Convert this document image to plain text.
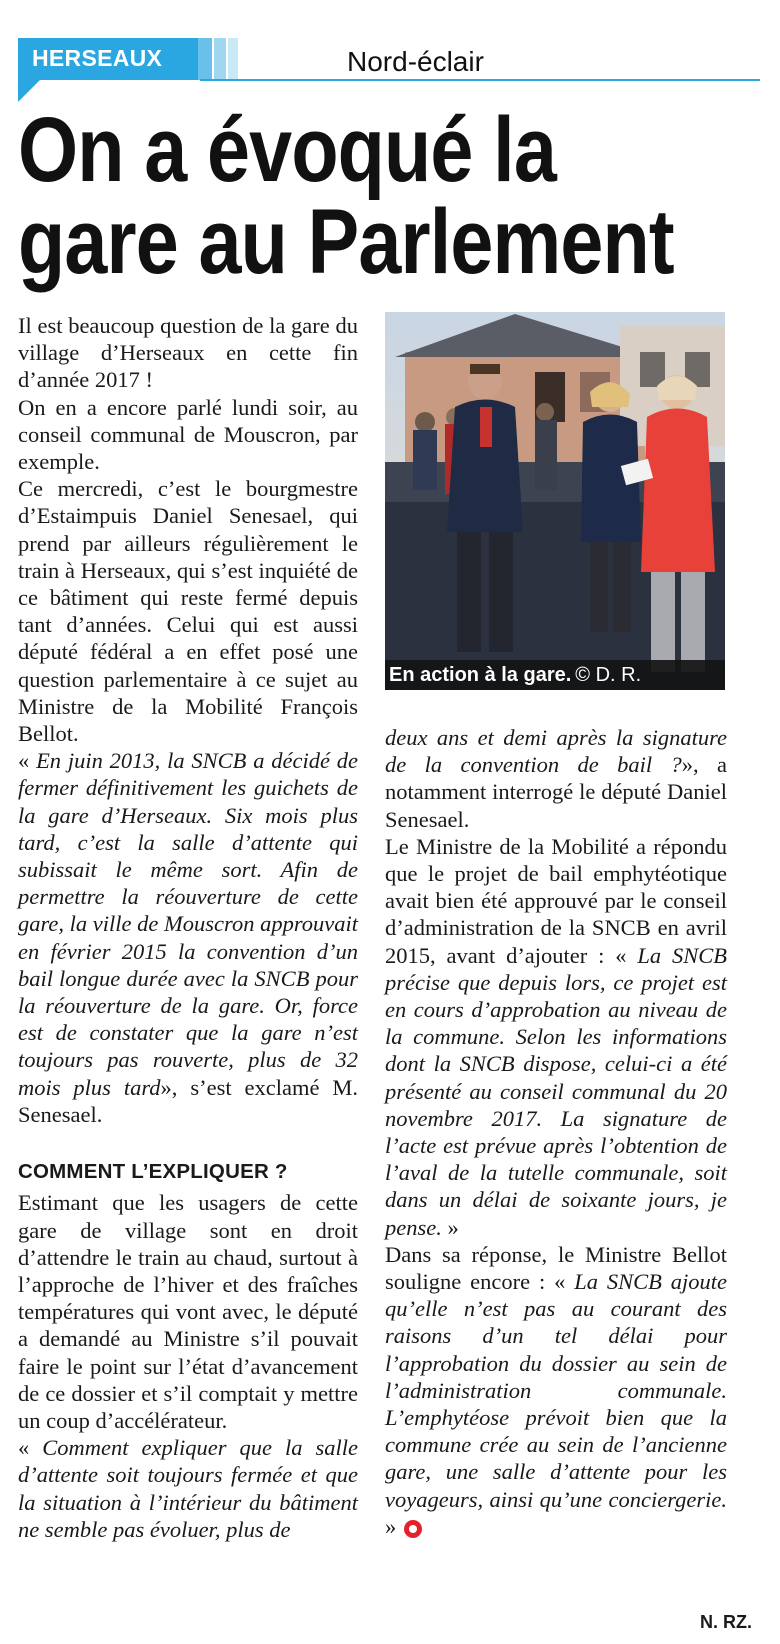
HERSEAUX	Nord-éclair
On a évoqué la
gare au Parlement

Il est beaucoup question de la gare du village d’Herseaux en cette fin d’année 2017 !

On en a encore parlé lundi soir, au conseil communal de Mouscron, par exemple.

Ce mercredi, c’est le bourgmestre d’Estaimpuis Daniel Senesael, qui prend par ailleurs régulièrement le train à Herseaux, qui s’est inquiété de ce bâtiment qui reste fermé depuis tant d’années. Celui qui est aussi député fédéral a en effet posé une question parlementaire à ce sujet au Ministre de la Mobilité François Bellot.

« En juin 2013, la SNCB a décidé de fermer définitivement les guichets de la gare d’Herseaux. Six mois plus tard, c’est la salle d’attente qui subissait le même sort. Afin de permettre la réouverture de cette gare, la ville de Mouscron approuvait en février 2015 la convention d’un bail longue durée avec la SNCB pour la réouverture de la gare. Or, force est de constater que la gare n’est toujours pas rouverte, plus de 32 mois plus tard», s’est exclamé M. Senesael.

COMMENT L’EXPLIQUER ?

Estimant que les usagers de cette gare de village sont en droit d’attendre le train au chaud, surtout à l’approche de l’hiver et des fraîches températures qui vont avec, le député a demandé au Ministre s’il pouvait faire le point sur l’état d’avancement de ce dossier et s’il comptait y mettre un coup d’accélérateur.

« Comment expliquer que la salle d’attente soit toujours fermée et que la situation à l’intérieur du bâtiment ne semble pas évoluer, plus de

En action à la gare. © D. R.

deux ans et demi après la signature de la convention de bail ?», a notamment interrogé le député Daniel Senesael.

Le Ministre de la Mobilité a répondu que le projet de bail emphytéotique avait bien été approuvé par le conseil d’administration de la SNCB en avril 2015, avant d’ajouter : « La SNCB précise que depuis lors, ce projet est en cours d’approbation au niveau de la commune. Selon les informations dont la SNCB dispose, celui-ci a été présenté au conseil communal du 20 novembre 2017. La signature de l’acte est prévue après l’obtention de l’aval de la tutelle communale, soit dans un délai de soixante jours, je pense. »

Dans sa réponse, le Ministre Bellot souligne encore : « La SNCB ajoute qu’elle n’est pas au courant des raisons d’un tel délai pour l’approbation du dossier au sein de l’administration communale. L’emphytéose prévoit bien que la commune crée au sein de l’ancienne gare, une salle d’attente pour les voyageurs, ainsi qu’une conciergerie. »

N. RZ.
